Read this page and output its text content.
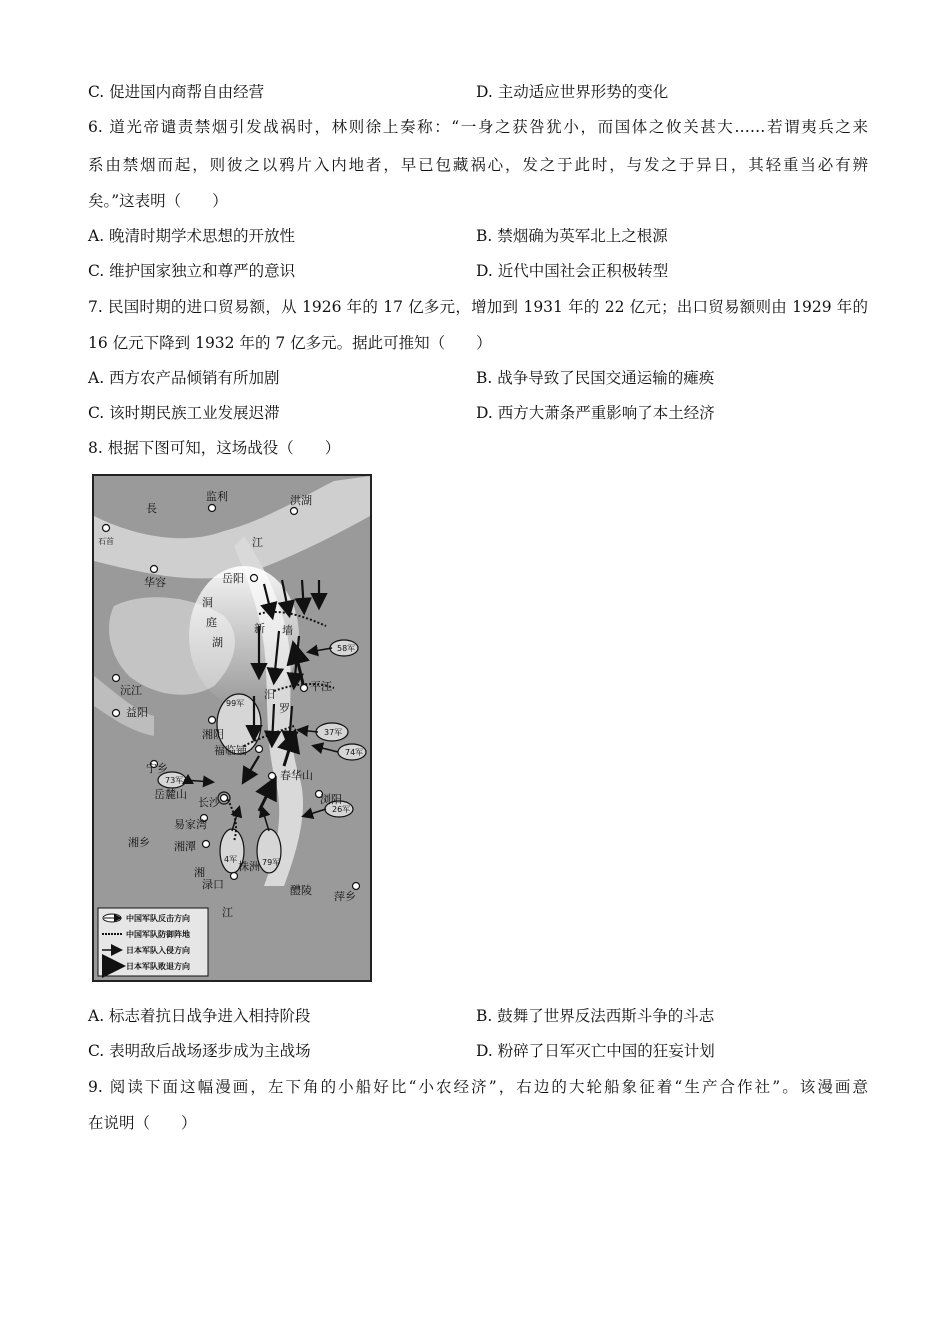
C. 促进国内商帮自由经营	D. 主动适应世界形势的变化
6. 道光帝谴责禁烟引发战祸时，林则徐上奏称：“一身之获咎犹小，而国体之攸关甚大……若谓夷兵之来
系由禁烟而起，则彼之以鸦片入内地者，早已包藏祸心，发之于此时，与发之于异日，其轻重当必有辨
矣。”这表明（　　）
A. 晚清时期学术思想的开放性	B. 禁烟确为英军北上之根源
C. 维护国家独立和尊严的意识	D. 近代中国社会正积极转型
7. 民国时期的进口贸易额，从 1926 年的 17 亿多元，增加到 1931 年的 22 亿元；出口贸易额则由 1929 年的
16 亿元下降到 1932 年的 7 亿多元。据此可推知（　　）
A. 西方农产品倾销有所加剧	B. 战争导致了民国交通运输的瘫痪
C. 该时期民族工业发展迟滞	D. 西方大萧条严重影响了本土经济
8. 根据下图可知，这场战役（　　）
监利	洪湖
石首
华容	岳阳
沅江
益阳
平江
湘阴
福临铺
宁乡
春华山
岳麓山
长沙	浏阳
易家湾
湘潭
湘乡
株洲
渌口	醴陵 萍乡
長
江
洞
庭
湖
新 墙
汨
罗
湘
江
58军
99军
37军
74军
73军
26军
4军	79军
中国军队反击方向
中国军队防御阵地
日本军队入侵方向
日本军队败退方向
A. 标志着抗日战争进入相持阶段	B. 鼓舞了世界反法西斯斗争的斗志
C. 表明敌后战场逐步成为主战场	D. 粉碎了日军灭亡中国的狂妄计划
9. 阅读下面这幅漫画，左下角的小船好比“小农经济”，右边的大轮船象征着“生产合作社”。该漫画意
在说明（　　）
